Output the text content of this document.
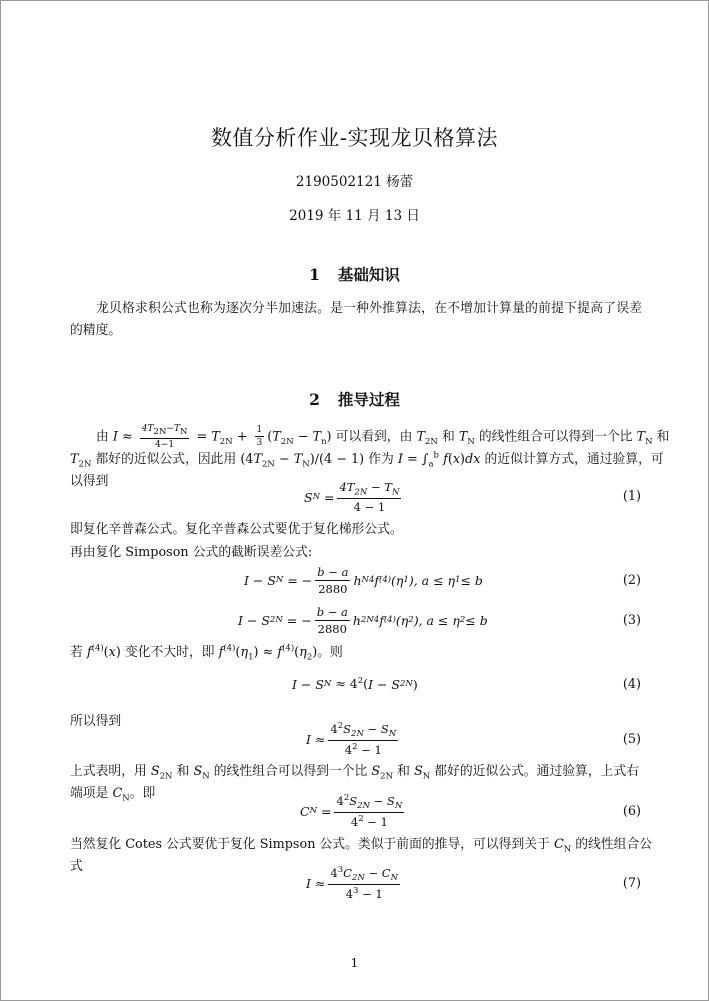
数值分析作业-实现龙贝格算法
2190502121 杨蕾
2019 年 11 月 13 日
1 基础知识
龙贝格求积公式也称为逐次分半加速法。是一种外推算法，在不增加计算量的前提下提高了误差的精度。
2 推导过程
由 $I \approx \frac{4T_{2N}-T_N}{4-1} = T_{2N} + \frac{1}{3} (T_{2N} - T_n)$ 可以看到，由 $T_{2N}$ 和 $T_N$ 的线性组合可以得到一个比 $T_N$ 和
$T_{2N}$ 都好的近似公式，因此用 $(4T_{2N} - T_N)/(4 - 1)$ 作为 $I = \int_a^b$ f(x)dx 的近似计算方式，通过验算，可
以得到
S N
= $\frac{4T_{2N} - T_N}{4 - 1}$	(1)
即复化辛普森公式。复化辛普森公式要优于复化梯形公式。
再由复化 Simposon 公式的截断误差公式:
I − S N
= − $\frac{b - a}{2880}$ h N 4 f (4) (η 1 ), a ≤ η 1 ≤ b	(2)
I − S 2N
= − $\frac{b - a}{2880}$ h 2N 4 f (4) (η 2 ), a ≤ η 2 ≤ b	(3)
若 $f^{(4)}(x)$ 变化不大时，即 $f^{(4)}(\eta_1) \approx f^{(4)}(\eta_2)$。则
I − S N
≈ $4^2$( I − S 2N )	(4)
所以得到
$I \approx \frac{4^2S_{2N} - S_N}{4^2 - 1}$	(5)
上式表明，用 $S_{2N}$ 和 $S_N$ 的线性组合可以得到一个比 $S_{2N}$ 和 $S_N$ 都好的近似公式。通过验算，上式右
端项是 $C_N$。即
C N
= $\frac{4^2S_{2N} - S_N}{4^2 - 1}$	(6)
当然复化 Cotes 公式要优于复化 Simpson 公式。类似于前面的推导，可以得到关于 $C_N$ 的线性组合公
式
$I \approx \frac{4^3C_{2N} - C_N}{4^3 - 1}$	(7)
1
